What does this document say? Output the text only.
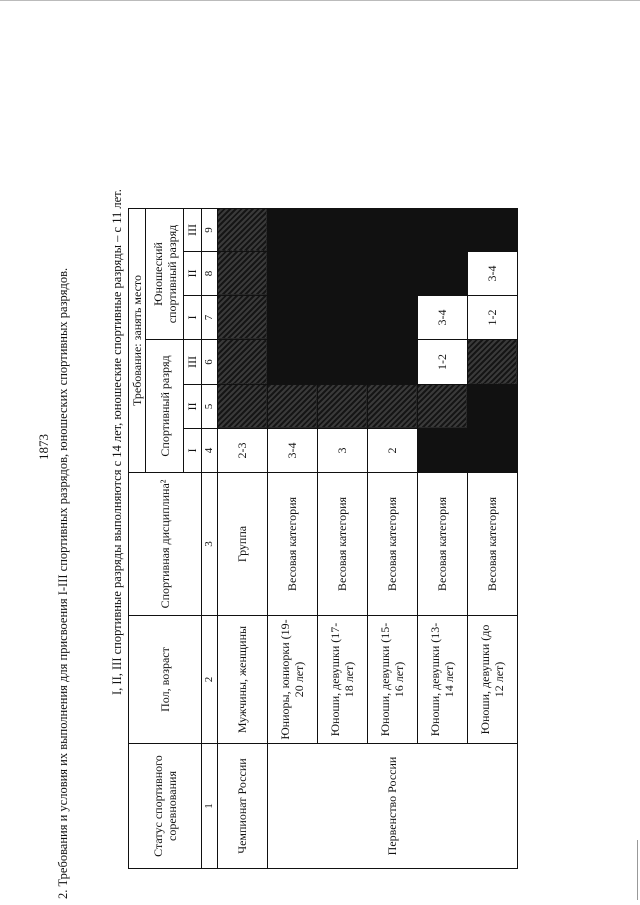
1873 2. Требования и условия их выполнения для присвоения I-III спортивных разрядов, юношеских спортивных разрядов.	I, II, III спортивные разряды выполняются с 14 лет, юношеские спортивные разряды – с 11 лет.
Статус спортивного соревнования	Пол, возраст	Спортивная дисциплина²	Требование: занять место					
			Спортивный разряд			Юношеский спортивный разряд		
			I	II	III	I	II	III
1	2	3	4	5	6	7	8	9
Чемпионат России	Мужчины, женщины	Группа	2-3					
Первенство России	Юниоры, юниорки (19-20 лет)	Весовая категория	3-4					
	Юноши, девушки (17-18 лет)	Весовая категория	3					
	Юноши, девушки (15-16 лет)	Весовая категория	2					
	Юноши, девушки (13-14 лет)	Весовая категория			1-2	3-4		
	Юноши, девушки (до 12 лет)	Весовая категория				1-2	3-4	
